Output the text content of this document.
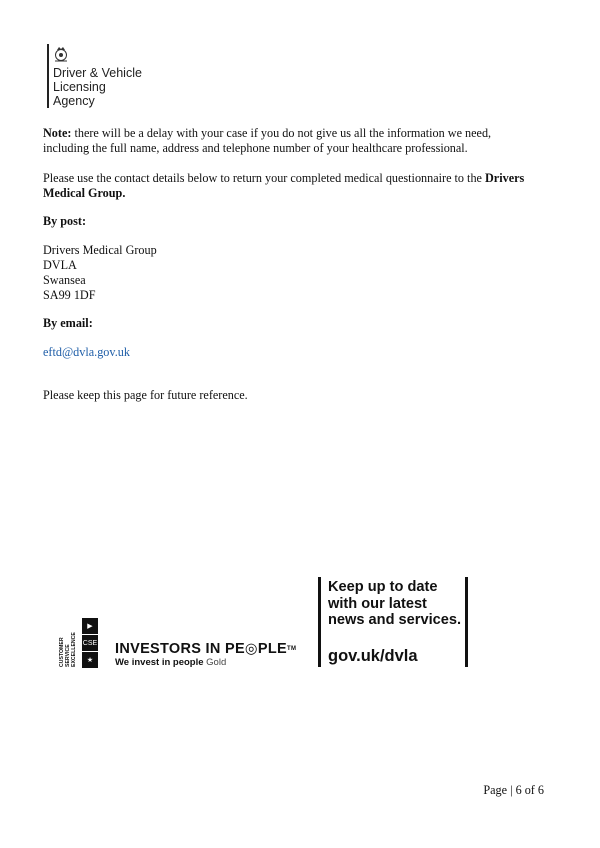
Driver & Vehicle
Licensing
Agency
Note: there will be a delay with your case if you do not give us all the information we need,
including the full name, address and telephone number of your healthcare professional.
Please use the contact details below to return your completed medical questionnaire to the Drivers
Medical Group.
By post:
Drivers Medical Group
DVLA
Swansea
SA99 1DF
By email:
eftd@dvla.gov.uk
Please keep this page for future reference.
CUSTOMER SERVICE EXCELLENCE
▶
CSE
★
INVESTORS IN PE◎PLE™
We invest in people Gold
Keep up to date
with our latest
news and services.
gov.uk/dvla
Page | 6 of 6
